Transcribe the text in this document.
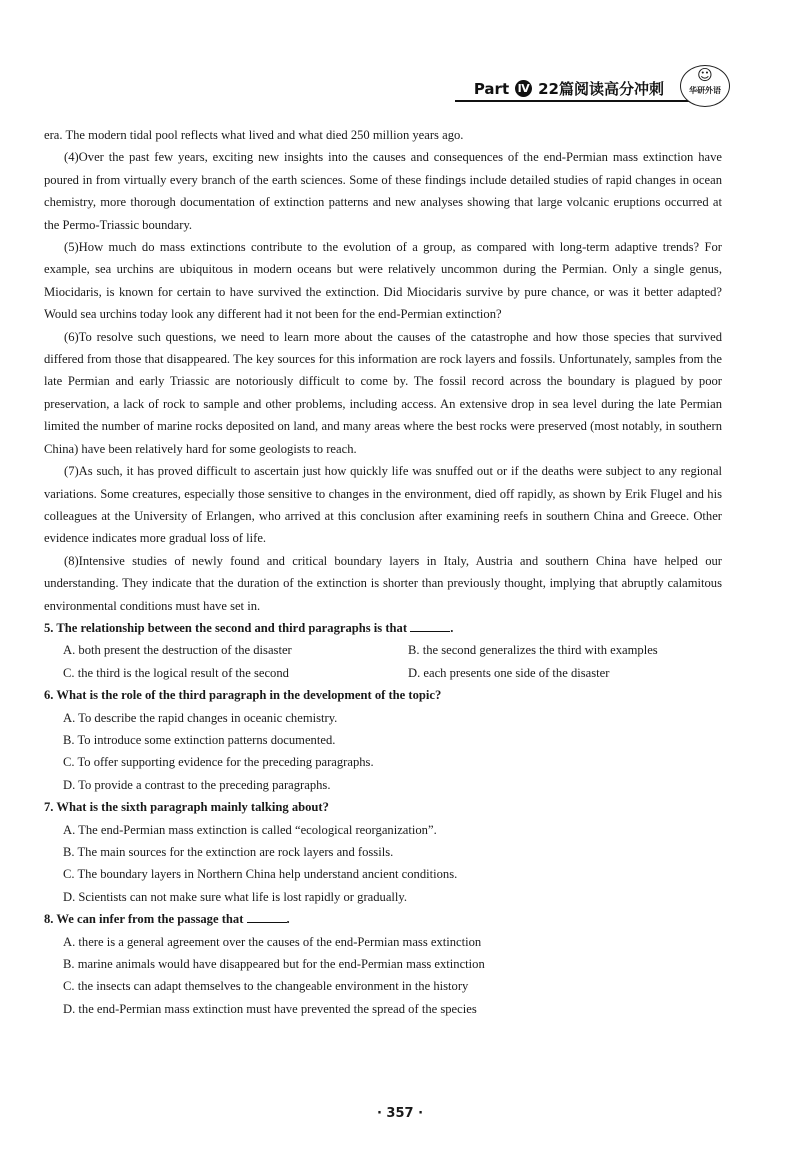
Part Ⅳ 22篇阅读高分冲刺
☺
华研外语

era. The modern tidal pool reflects what lived and what died 250 million years ago.

(4)Over the past few years, exciting new insights into the causes and consequences of the end-Permian mass extinction have poured in from virtually every branch of the earth sciences. Some of these findings include detailed studies of rapid changes in ocean chemistry, more thorough documentation of extinction patterns and new analyses showing that large volcanic eruptions occurred at the Permo-Triassic boundary.

(5)How much do mass extinctions contribute to the evolution of a group, as compared with long-term adaptive trends? For example, sea urchins are ubiquitous in modern oceans but were relatively uncommon during the Permian. Only a single genus, Miocidaris, is known for certain to have survived the extinction. Did Miocidaris survive by pure chance, or was it better adapted? Would sea urchins today look any different had it not been for the end-Permian extinction?

(6)To resolve such questions, we need to learn more about the causes of the catastrophe and how those species that survived differed from those that disappeared. The key sources for this information are rock layers and fossils. Unfortunately, samples from the late Permian and early Triassic are notoriously difficult to come by. The fossil record across the boundary is plagued by poor preservation, a lack of rock to sample and other problems, including access. An extensive drop in sea level during the late Permian limited the number of marine rocks deposited on land, and many areas where the best rocks were preserved (most notably, in southern China) have been relatively hard for some geologists to reach.

(7)As such, it has proved difficult to ascertain just how quickly life was snuffed out or if the deaths were subject to any regional variations. Some creatures, especially those sensitive to changes in the environment, died off rapidly, as shown by Erik Flugel and his colleagues at the University of Erlangen, who arrived at this conclusion after examining reefs in southern China and Greece. Other evidence indicates more gradual loss of life.

(8)Intensive studies of newly found and critical boundary layers in Italy, Austria and southern China have helped our understanding. They indicate that the duration of the extinction is shorter than previously thought, implying that abruptly calamitous environmental conditions must have set in.

5. The relationship between the second and third paragraphs is that	.

A. both present the destruction of the disaster	B. the second generalizes the third with examples
C. the third is the logical result of the second	D. each presents one side of the disaster

6. What is the role of the third paragraph in the development of the topic?

A. To describe the rapid changes in oceanic chemistry.
B. To introduce some extinction patterns documented.
C. To offer supporting evidence for the preceding paragraphs.
D. To provide a contrast to the preceding paragraphs.

7. What is the sixth paragraph mainly talking about?

A. The end-Permian mass extinction is called “ecological reorganization”.
B. The main sources for the extinction are rock layers and fossils.
C. The boundary layers in Northern China help understand ancient conditions.
D. Scientists can not make sure what life is lost rapidly or gradually.

8. We can infer from the passage that	.

A. there is a general agreement over the causes of the end-Permian mass extinction
B. marine animals would have disappeared but for the end-Permian mass extinction
C. the insects can adapt themselves to the changeable environment in the history
D. the end-Permian mass extinction must have prevented the spread of the species
· 357 ·
